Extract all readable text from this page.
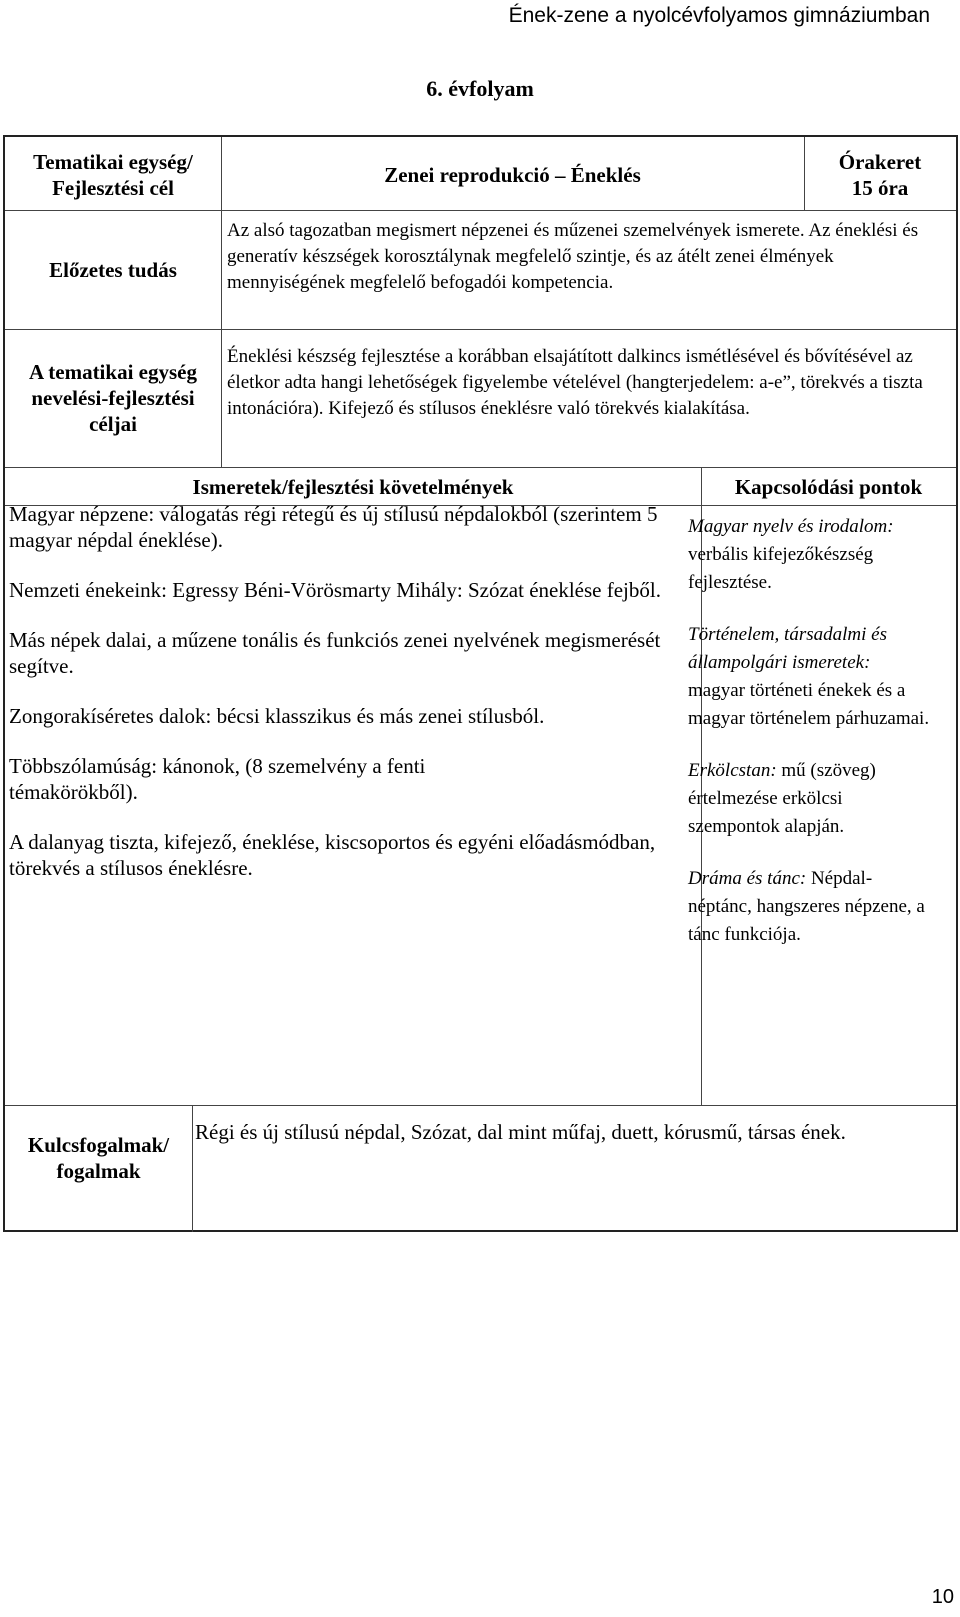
Ének-zene a nyolcévfolyamos gimnáziumban
6. évfolyam
Tematikai egység/
Fejlesztési cél
Zenei reprodukció – Éneklés
Órakeret
15 óra
Előzetes tudás
Az alsó tagozatban megismert népzenei és műzenei szemelvények ismerete. Az éneklési és generatív készségek korosztálynak megfelelő szintje, és az átélt zenei élmények mennyiségének megfelelő befogadói kompetencia.
A tematikai egység
nevelési-fejlesztési
céljai
Éneklési készség fejlesztése a korábban elsajátított dalkincs ismétlésével és bővítésével az életkor adta hangi lehetőségek figyelembe vételével (hangterjedelem: a-e”, törekvés a tiszta intonációra). Kifejező és stílusos éneklésre való törekvés kialakítása.
Ismeretek/fejlesztési követelmények	Kapcsolódási pontok

Magyar népzene: válogatás régi rétegű és új stílusú népdalokból (szerintem 5 magyar népdal éneklése).

Nemzeti énekeink: Egressy Béni-Vörösmarty Mihály: Szózat éneklése fejből.

Más népek dalai, a műzene tonális és funkciós zenei nyelvének megismerését segítve.

Zongorakíséretes dalok: bécsi klasszikus és más zenei stílusból.

Többszólamúság: kánonok, (8 szemelvény a fenti témakörökből).

A dalanyag tiszta, kifejező, éneklése, kiscsoportos és egyéni előadásmódban, törekvés a stílusos éneklésre.

Magyar nyelv és irodalom: verbális kifejezőkészség fejlesztése.
Történelem, társadalmi és állampolgári ismeretek: magyar történeti énekek és a magyar történelem párhuzamai.
Erkölcstan: mű (szöveg) értelmezése erkölcsi szempontok alapján.
Dráma és tánc: Népdal-néptánc, hangszeres népzene, a tánc funkciója.
Kulcsfogalmak/
fogalmak
Régi és új stílusú népdal, Szózat, dal mint műfaj, duett, kórusmű, társas ének.
10
